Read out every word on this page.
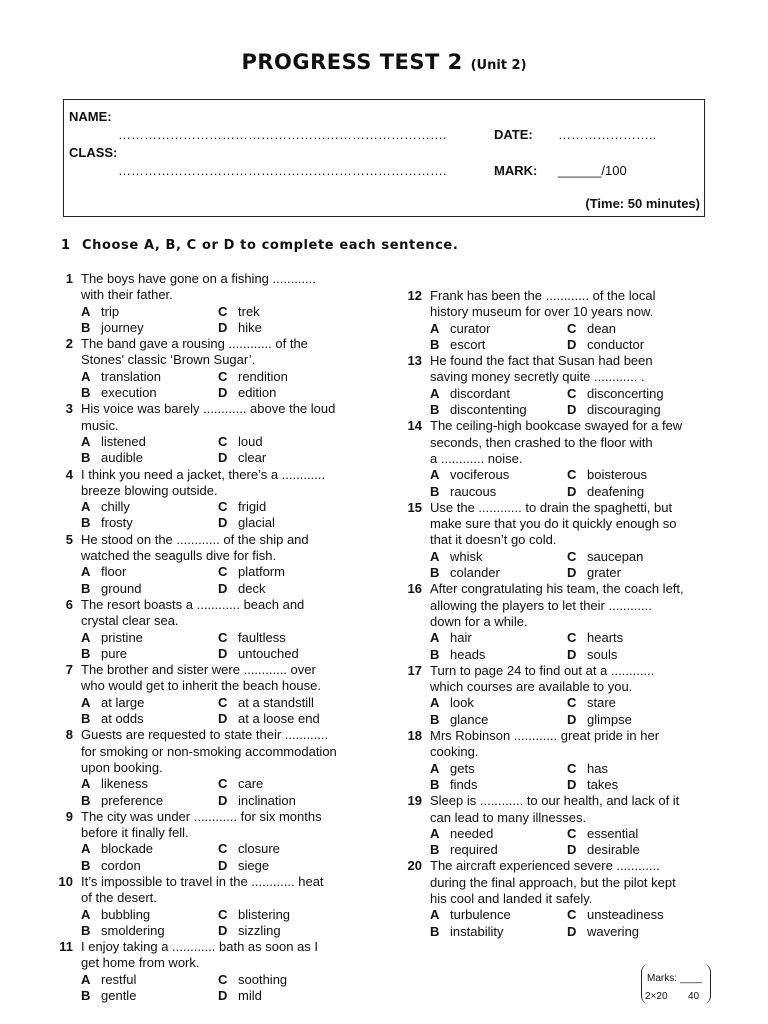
PROGRESS TEST 2 (Unit 2)
NAME:
………………………………………………………………….
CLASS:
………………………………………………………………….
DATE: …………………..
MARK: ______/100
(Time: 50 minutes)
1 Choose A, B, C or D to complete each sentence.
1 The boys have gone on a fishing ............
with their father.
A trip	C trek
B journey	D hike
2 The band gave a rousing ............ of the
Stones' classic ‘Brown Sugar’.
A translation	C rendition
B execution	D edition
3 His voice was barely ............ above the loud
music.
A listened	C loud
B audible	D clear
4 I think you need a jacket, there’s a ............
breeze blowing outside.
A chilly	C frigid
B frosty	D glacial
5 He stood on the ............ of the ship and
watched the seagulls dive for fish.
A floor	C platform
B ground	D deck
6 The resort boasts a ............ beach and
crystal clear sea.
A pristine	C faultless
B pure	D untouched
7 The brother and sister were ............ over
who would get to inherit the beach house.
A at large	C at a standstill
B at odds	D at a loose end
8 Guests are requested to state their ............
for smoking or non-smoking accommodation
upon booking.
A likeness	C care
B preference	D inclination
9 The city was under ............ for six months
before it finally fell.
A blockade	C closure
B cordon	D siege
10 It’s impossible to travel in the ............ heat
of the desert.
A bubbling	C blistering
B smoldering	D sizzling
11 I enjoy taking a ............ bath as soon as I
get home from work.
A restful	C soothing
B gentle	D mild
12 Frank has been the ............ of the local
history museum for over 10 years now.
A curator	C dean
B escort	D conductor
13 He found the fact that Susan had been
saving money secretly quite ............ .
A discordant	C disconcerting
B discontenting	D discouraging
14 The ceiling-high bookcase swayed for a few
seconds, then crashed to the floor with
a ............ noise.
A vociferous	C boisterous
B raucous	D deafening
15 Use the ............ to drain the spaghetti, but
make sure that you do it quickly enough so
that it doesn’t go cold.
A whisk	C saucepan
B colander	D grater
16 After congratulating his team, the coach left,
allowing the players to let their ............
down for a while.
A hair	C hearts
B heads	D souls
17 Turn to page 24 to find out at a ............
which courses are available to you.
A look	C stare
B glance	D glimpse
18 Mrs Robinson ............ great pride in her
cooking.
A gets	C has
B finds	D takes
19 Sleep is ............ to our health, and lack of it
can lead to many illnesses.
A needed	C essential
B required	D desirable
20 The aircraft experienced severe ............
during the final approach, but the pilot kept
his cool and landed it safely.
A turbulence	C unsteadiness
B instability	D wavering
Marks: ____
2×20 40
